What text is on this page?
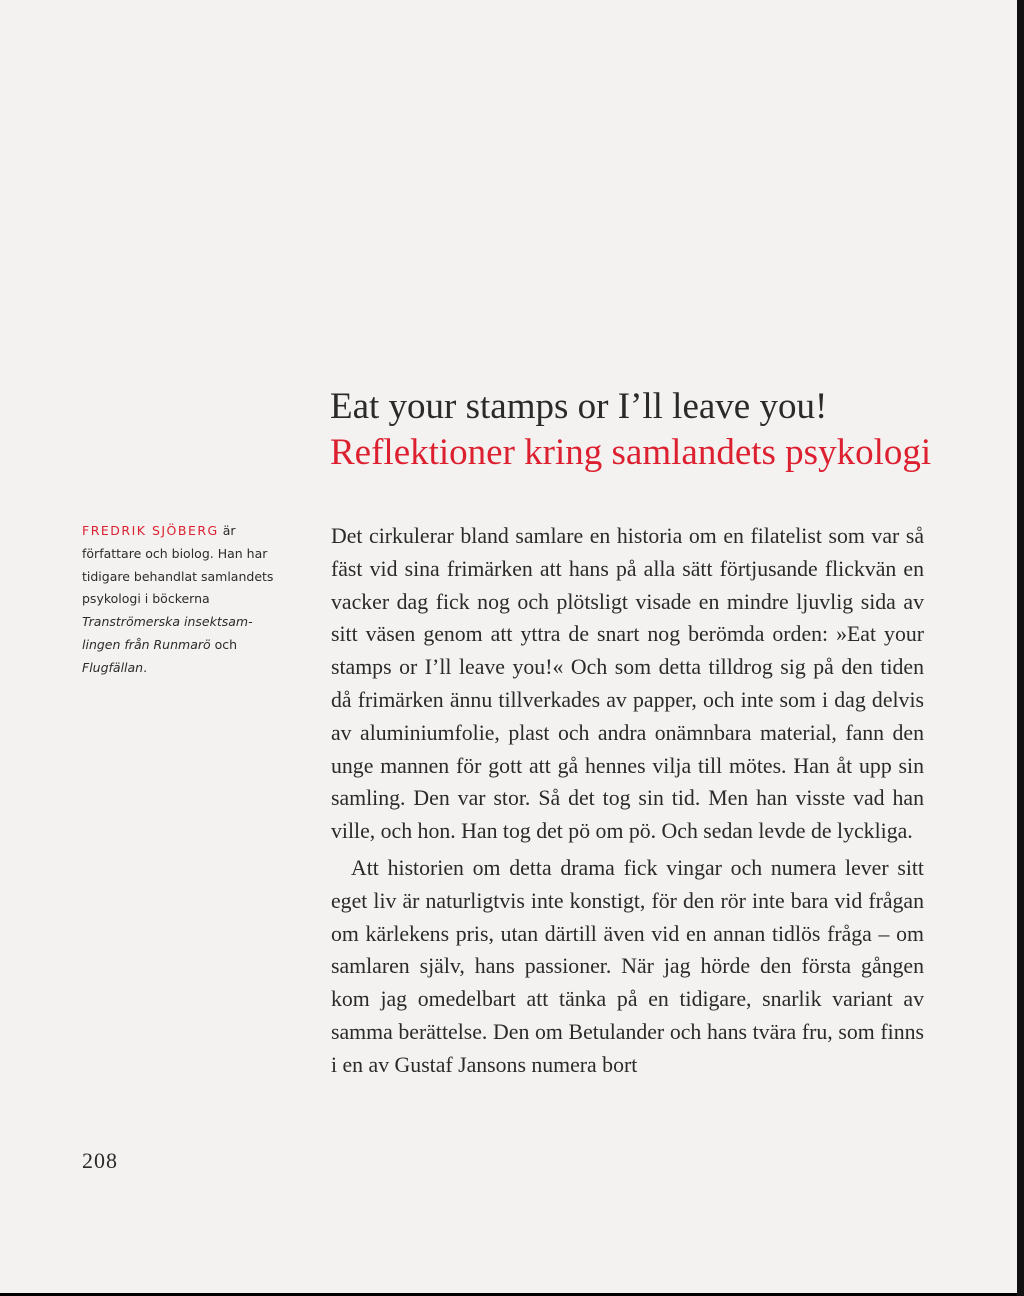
Eat your stamps or I’ll leave you!
Reflektioner kring samlandets psykologi

FREDRIK SJÖBERG är författare och biolog. Han har tidigare behandlat samlandets psykologi i böckerna Tranströmerska insektsamlingen från Runmarö och Flugfällan.

Det cirkulerar bland samlare en historia om en filatelist som var så fäst vid sina frimärken att hans på alla sätt förtjusande flickvän en vacker dag fick nog och plötsligt visade en mindre ljuvlig sida av sitt väsen genom att yttra de snart nog berömda orden: »Eat your stamps or I’ll leave you!« Och som detta tilldrog sig på den tiden då frimärken ännu tillverkades av papper, och inte som i dag delvis av aluminiumfolie, plast och andra onämnbara material, fann den unge mannen för gott att gå hennes vilja till mötes. Han åt upp sin samling. Den var stor. Så det tog sin tid. Men han visste vad han ville, och hon. Han tog det pö om pö. Och sedan levde de lyckliga.

Att historien om detta drama fick vingar och numera lever sitt eget liv är naturligtvis inte konstigt, för den rör inte bara vid frågan om kärlekens pris, utan därtill även vid en annan tidlös fråga – om samlaren själv, hans passioner. När jag hörde den första gången kom jag omedelbart att tänka på en tidigare, snarlik variant av samma berättelse. Den om Betulander och hans tvära fru, som finns i en av Gustaf Jansons numera bort

208
